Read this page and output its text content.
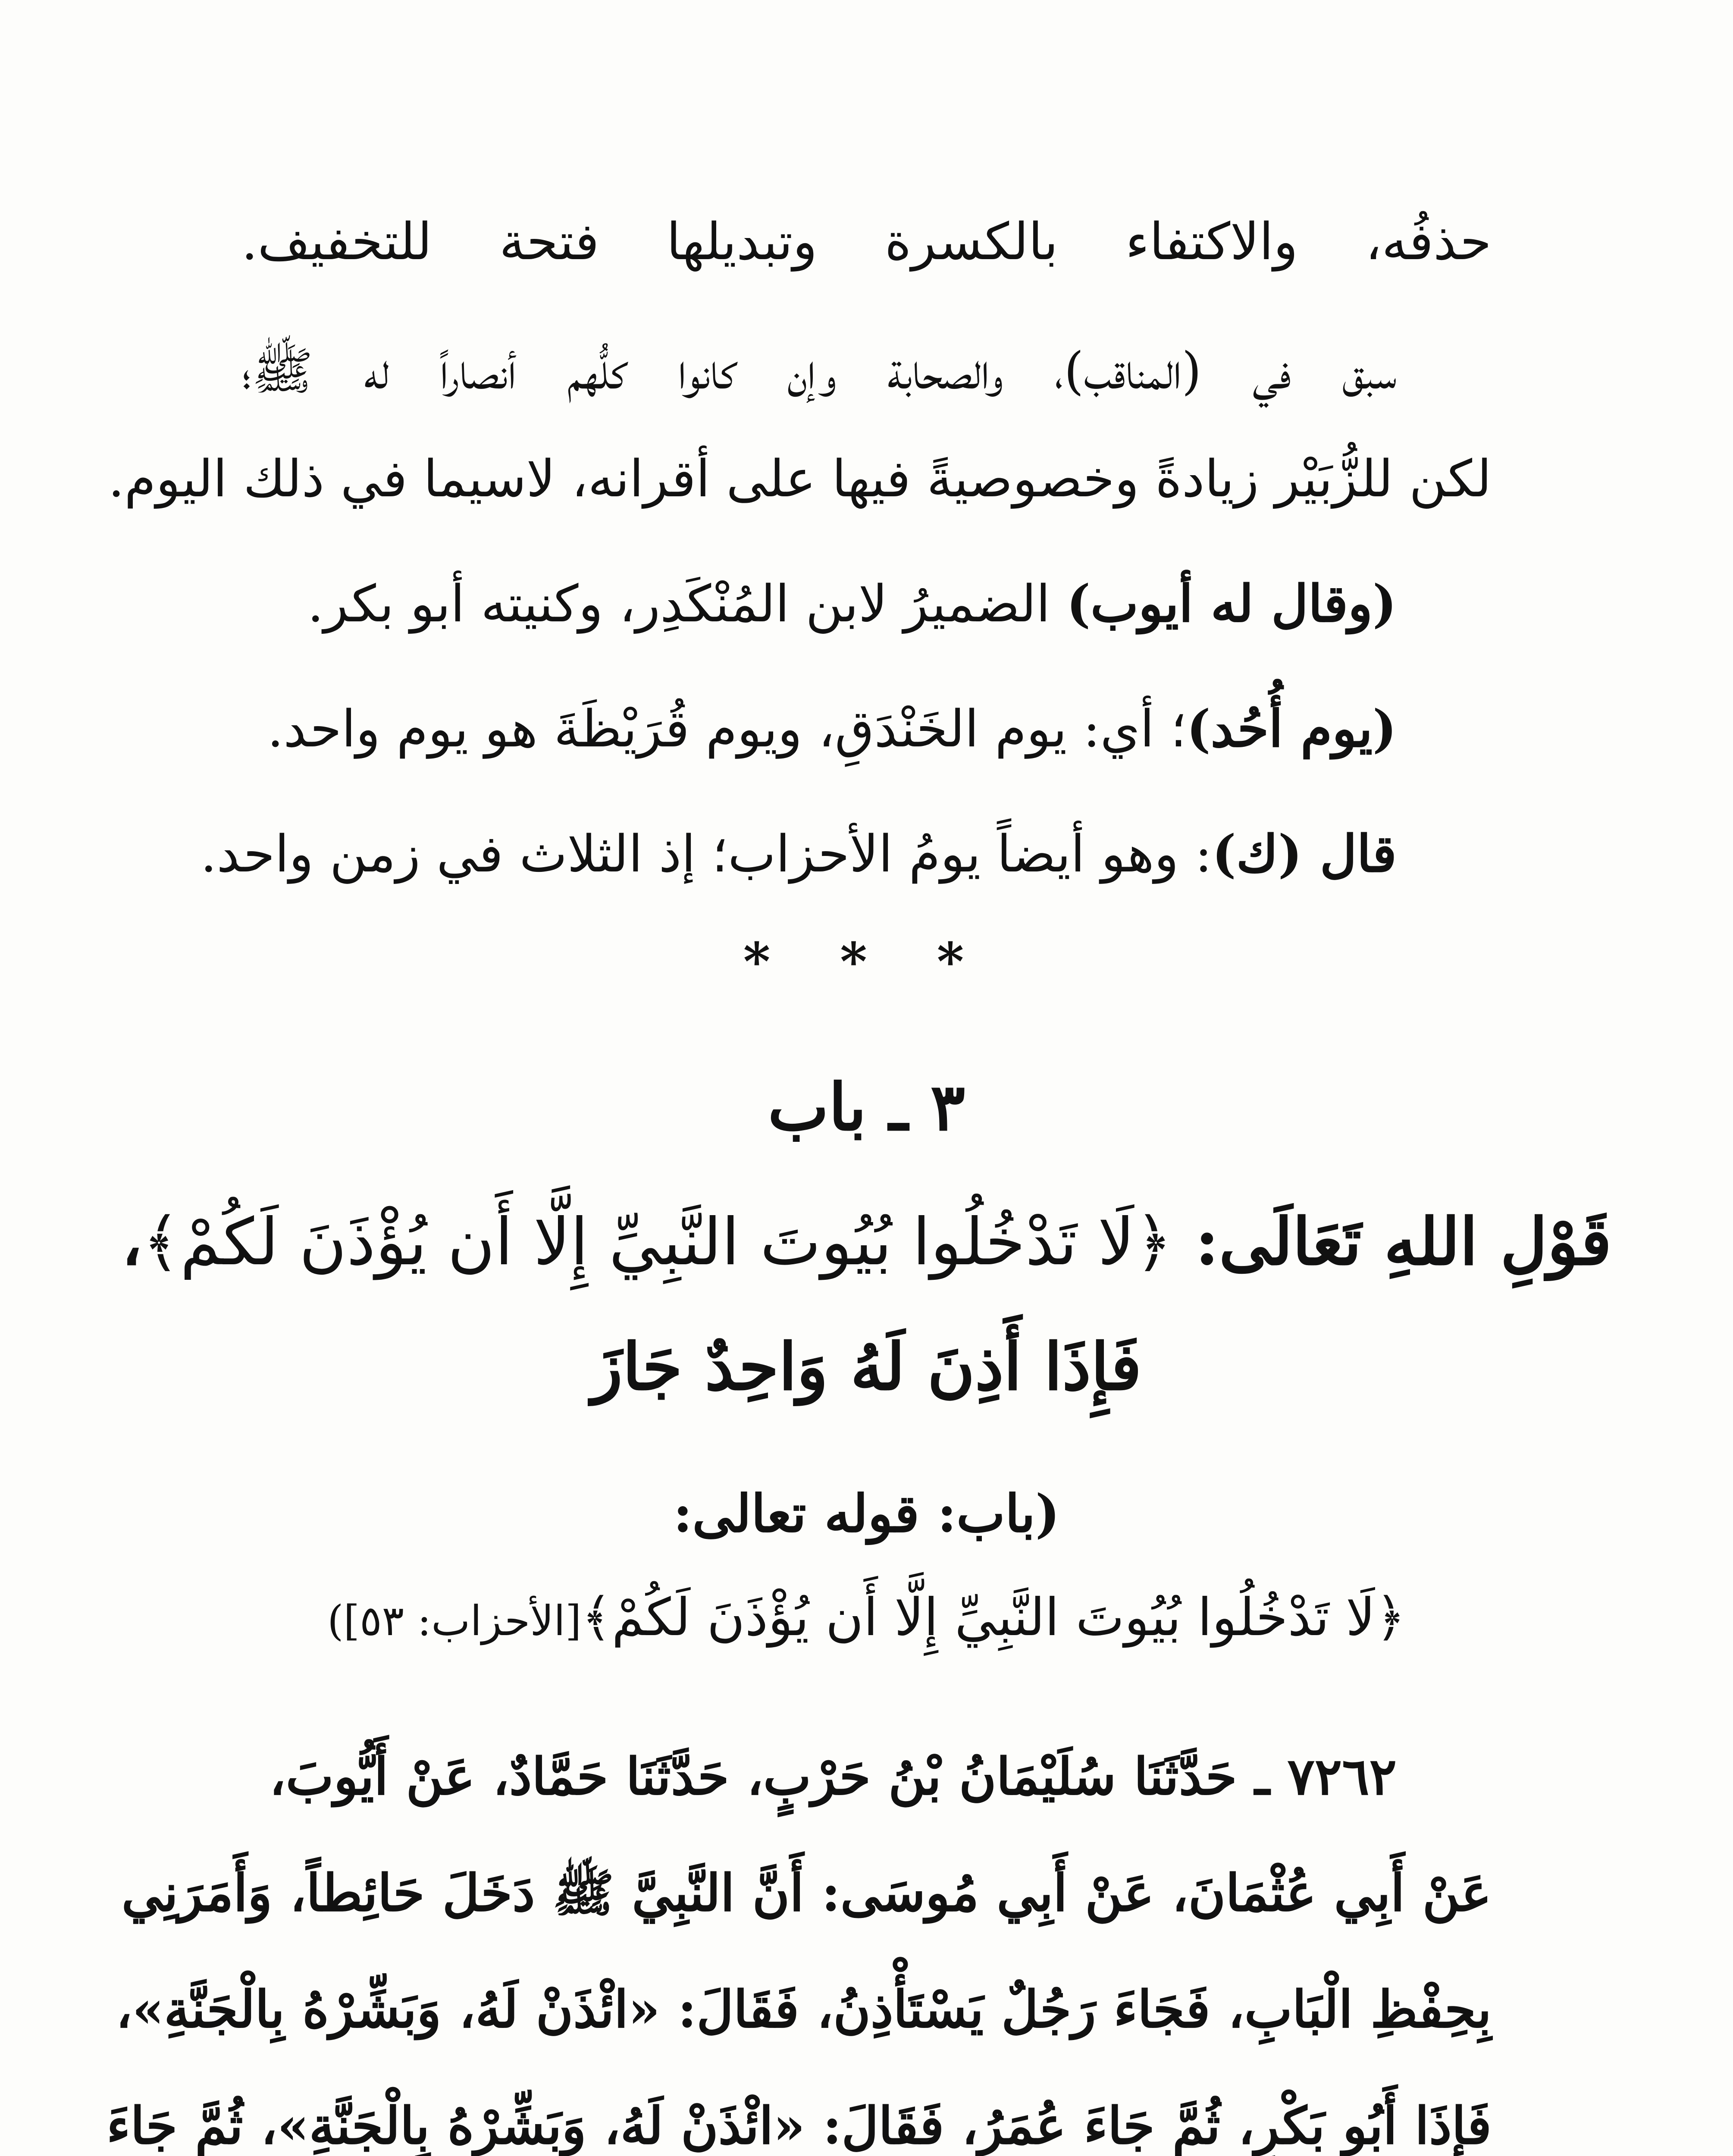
حذفُه، والاكتفاء بالكسرة وتبديلها فتحة للتخفيف.
سبق في (المناقب)، والصحابة وإن كانوا كلُّهم أنصاراً له ﷺ؛
لكن للزُّبَيْر زيادةً وخصوصيةً فيها على أقرانه، لاسيما في ذلك اليوم.
(وقال له أيوب) الضميرُ لابن المُنْكَدِر، وكنيته أبو بكر.
(يوم أُحُد)؛ أي: يوم الخَنْدَقِ، ويوم قُرَيْظَةَ هو يوم واحد.
قال (ك): وهو أيضاً يومُ الأحزاب؛ إذ الثلاث في زمن واحد.
* * *
٣ ـ باب
قَوْلِ اللهِ تَعَالَى: ﴿لَا تَدْخُلُوا بُيُوتَ النَّبِيِّ إِلَّا أَن يُؤْذَنَ لَكُمْ﴾،
فَإِذَا أَذِنَ لَهُ وَاحِدٌ جَازَ
(باب: قوله تعالى:
﴿لَا تَدْخُلُوا بُيُوتَ النَّبِيِّ إِلَّا أَن يُؤْذَنَ لَكُمْ﴾[الأحزاب: ٥٣])
٧٢٦٢ ـ حَدَّثَنَا سُلَيْمَانُ بْنُ حَرْبٍ، حَدَّثَنَا حَمَّادٌ، عَنْ أَيُّوبَ،
عَنْ أَبِي عُثْمَانَ، عَنْ أَبِي مُوسَى: أَنَّ النَّبِيَّ ﷺ دَخَلَ حَائِطاً، وَأَمَرَنِي
بِحِفْظِ الْبَابِ، فَجَاءَ رَجُلٌ يَسْتَأْذِنُ، فَقَالَ: «ائْذَنْ لَهُ، وَبَشِّرْهُ بِالْجَنَّةِ»،
فَإِذَا أَبُو بَكْرٍ، ثُمَّ جَاءَ عُمَرُ، فَقَالَ: «ائْذَنْ لَهُ، وَبَشِّرْهُ بِالْجَنَّةِ»، ثُمَّ جَاءَ
